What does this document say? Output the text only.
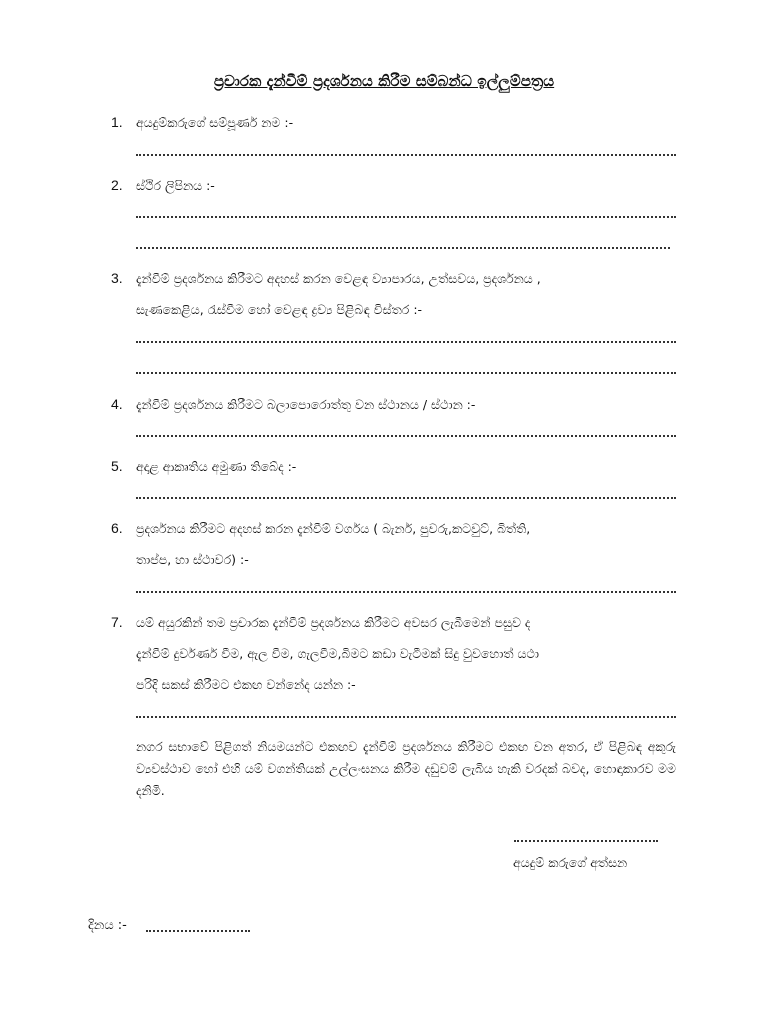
ප්‍රචාරක දැන්වීම් ප්‍රදර්ශනය කිරීම සම්බන්ධ ඉල්ලුම්පත්‍රය
1.	අයදුම්කරුගේ සම්පූර්ණ නම :-
2.	ස්ථිර ලිපිනය :-
3.	දැන්වීම් ප්‍රදර්ශනය කිරීමට අදහස් කරන වෙළඳ ව්‍යාපාරය, උත්සවය, ප්‍රදර්ශනය ,
සැණකෙළිය, රැස්වීම හෝ වෙළඳ ද්‍රව්‍ය පිළිබඳ විස්තර :-
4.	දැන්වීම් ප්‍රදර්ශනය කිරීමට බලාපොරොත්තු වන ස්ථානය / ස්ථාන :-
5.	අදාළ ආකෘතිය අමුණා තිබේද :-
6.	ප්‍රදර්ශනය කිරීමට අදහස් කරන දැන්වීම් වර්ගය ( බැනර්, පුවරු,කටවුට්, බිත්ති,
තාප්ප, හා ස්ථාවර) :-
7.	යම් අයුරකින් තම ප්‍රචාරක දැන්වීම් ප්‍රදර්ශනය කිරීමට අවසර ලැබීමෙන් පසුව ද
දැන්වීම් දුර්වර්ණ වීම, ඇල වීම, ගැලවීම,බිමට කඩා වැටීමක් සිදු වුවහොත් යථා
පරිදි සකස් කිරීමට එකඟ වන්නේද යන්න :-
නගර සභාවේ පිළිගත් නියමයන්ට එකඟව දැන්වීම් ප්‍රදර්ශනය කිරීමට එකඟ වන අතර, ඒ පිළිබඳ අකුරු ව්‍යවස්ථාව හෝ එහි යම් වගන්තියක් උල්ලංඝනය කිරීම දඩුවම් ලැබිය හැකි වරදක් බවද, හොඳාකාරව මම දනිමි.
අයදුම් කරුගේ අත්සන
දිනය :-
